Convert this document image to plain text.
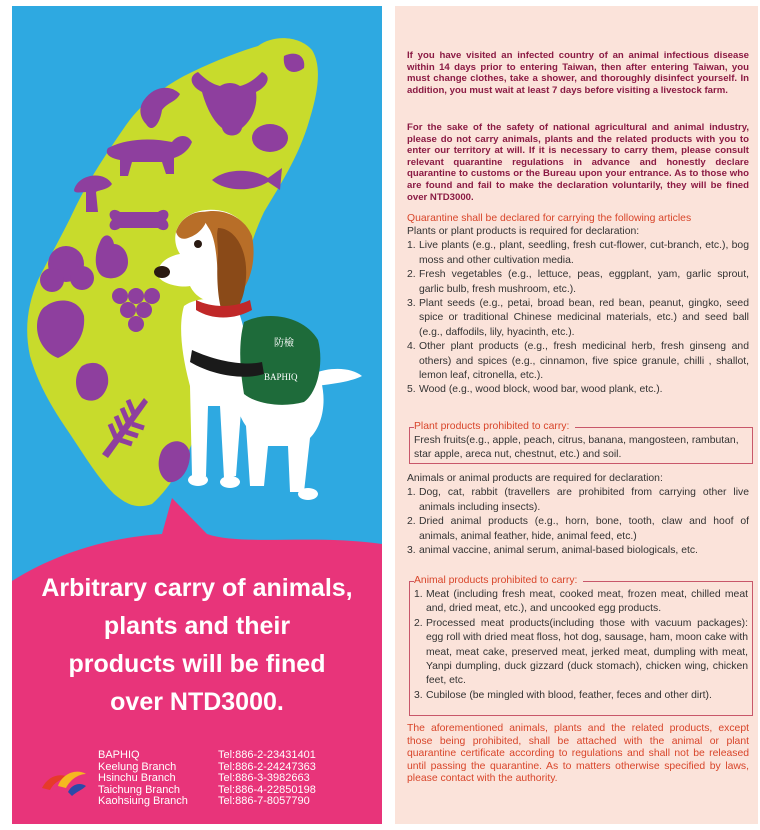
防檢
BAPHIQ
Arbitrary carry of animals,
plants and their
products will be fined
over NTD3000.
BAPHIQ	Tel:886-2-23431401
Keelung Branch	Tel:886-2-24247363
Hsinchu Branch	Tel:886-3-3982663
Taichung Branch	Tel:886-4-22850198
Kaohsiung Branch	Tel:886-7-8057790
If you have visited an infected country of an animal infectious disease within 14 days prior to entering Taiwan, then after entering Taiwan, you must change clothes, take a shower, and thoroughly disinfect yourself. In addition, you must wait at least 7 days before visiting a livestock farm.
For the sake of the safety of national agricultural and animal industry, please do not carry animals, plants and the related products with you to enter our territory at will. If it is necessary to carry them, please consult relevant quarantine regulations in advance and honestly declare quarantine to customs or the Bureau upon your entrance. As to those who are found and fail to make the declaration voluntarily, they will be fined over NTD3000.
Quarantine shall be declared for carrying the following articles
Plants or plant products is required for declaration:
1. Live plants (e.g., plant, seedling, fresh cut-flower, cut-branch, etc.), bog moss and other cultivation media.
2. Fresh vegetables (e.g., lettuce, peas, eggplant, yam, garlic sprout, garlic bulb, fresh mushroom, etc.).
3. Plant seeds (e.g., petai, broad bean, red bean, peanut, gingko, seed spice or traditional Chinese medicinal materials, etc.) and seed ball (e.g., daffodils, lily, hyacinth, etc.).
4. Other plant products (e.g., fresh medicinal herb, fresh ginseng and others) and spices (e.g., cinnamon, five spice granule, chilli , shallot, lemon leaf, citronella, etc.).
5. Wood (e.g., wood block, wood bar, wood plank, etc.).
Plant products prohibited to carry:
Fresh fruits(e.g., apple, peach, citrus, banana, mangosteen, rambutan, star apple, areca nut, chestnut, etc.) and soil.
Animals or animal products are required for declaration:
1. Dog, cat, rabbit (travellers are prohibited from carrying other live animals including insects).
2. Dried animal products (e.g., horn, bone, tooth, claw and hoof of animals, animal feather, hide, animal feed, etc.)
3. animal vaccine, animal serum, animal-based biologicals, etc.
Animal products prohibited to carry:
1. Meat (including fresh meat, cooked meat, frozen meat, chilled meat and, dried meat, etc.), and uncooked egg products.
2. Processed meat products(including those with vacuum packages): egg roll with dried meat floss, hot dog, sausage, ham, moon cake with meat, meat cake, preserved meat, jerked meat, dumpling with meat, Yanpi dumpling, duck gizzard (duck stomach), chicken wing, chicken feet, etc.
3. Cubilose (be mingled with blood, feather, feces and other dirt).
The aforementioned animals, plants and the related products, except those being prohibited, shall be attached with the animal or plant quarantine certificate according to regulations and shall not be released until passing the quarantine. As to matters otherwise specified by laws, please contact with the authority.
